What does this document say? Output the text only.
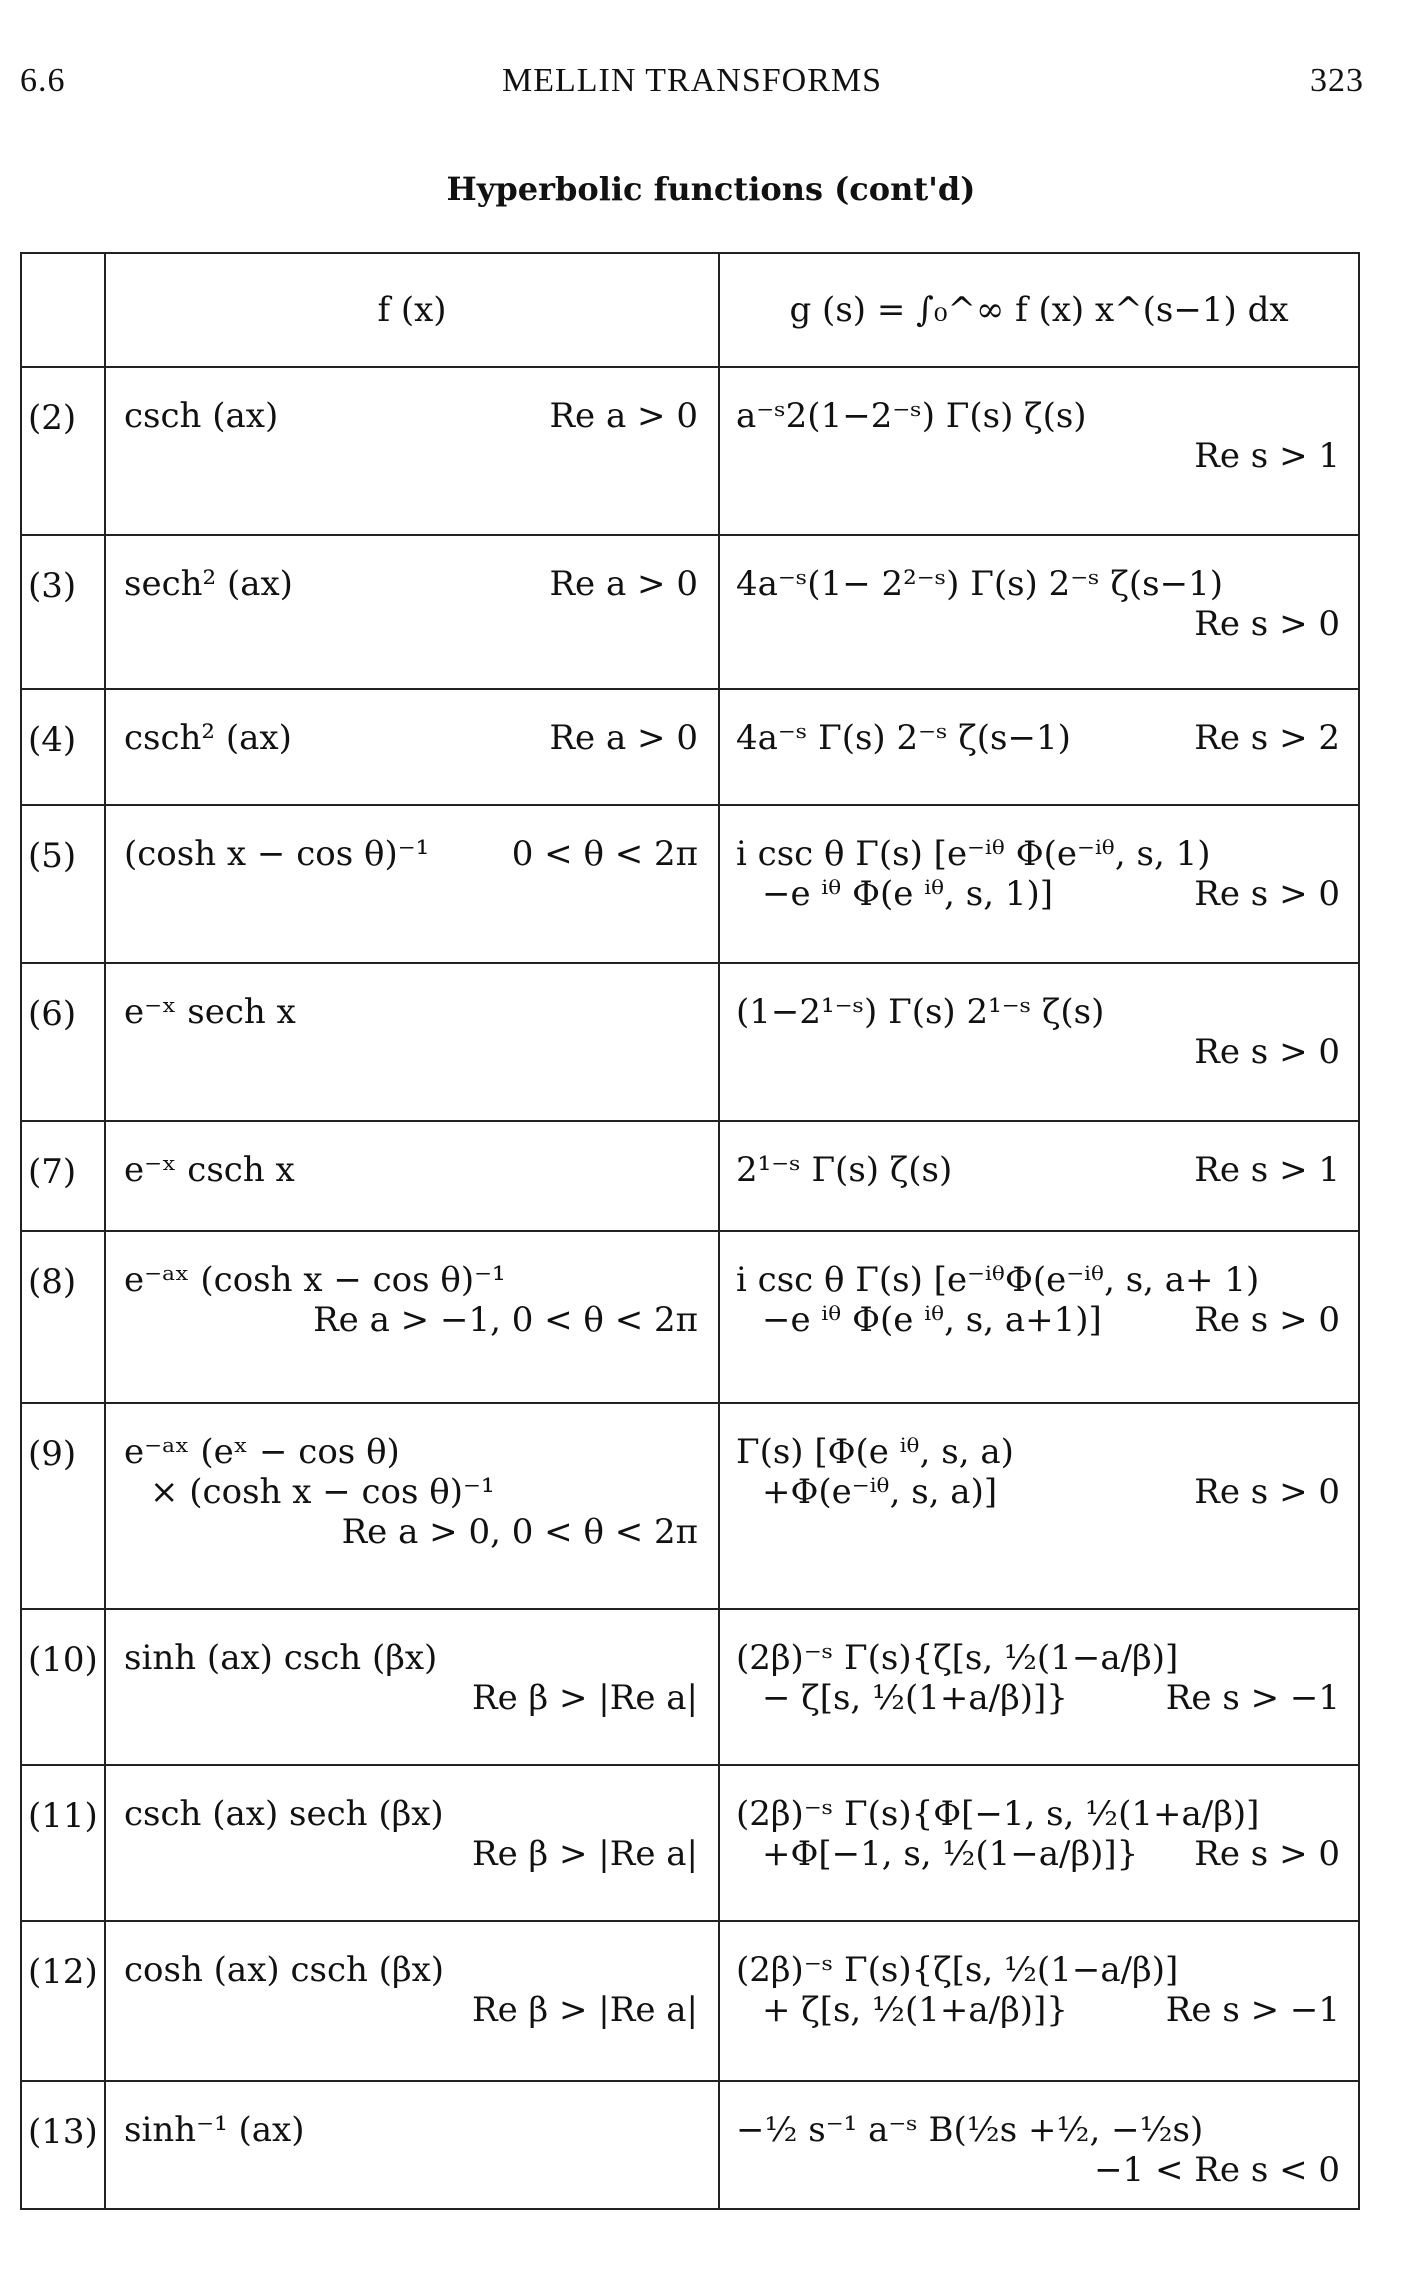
6.6	MELLIN TRANSFORMS	323
Hyperbolic functions (cont'd)
	f (x)	g (s) = ∫₀^∞ f (x) x^(s−1) dx
(2)	csch (ax) Re a > 0	a⁻ˢ2(1−2⁻ˢ) Γ(s) ζ(s)
Re s > 1

(3)	sech² (ax) Re a > 0	4a⁻ˢ(1− 2²⁻ˢ) Γ(s) 2⁻ˢ ζ(s−1)
Re s > 0

(4)	csch² (ax) Re a > 0	4a⁻ˢ Γ(s) 2⁻ˢ ζ(s−1) Re s > 2

(5)	(cosh x − cos θ)⁻¹ 0 < θ < 2π	i csc θ Γ(s) [e⁻ⁱᶿ Φ(e⁻ⁱᶿ, s, 1)
−e ⁱᶿ Φ(e ⁱᶿ, s, 1)] Re s > 0

(6)	e⁻ˣ sech x	(1−2¹⁻ˢ) Γ(s) 2¹⁻ˢ ζ(s)
Re s > 0

(7)	e⁻ˣ csch x	2¹⁻ˢ Γ(s) ζ(s) Re s > 1

(8)	e⁻ᵃˣ (cosh x − cos θ)⁻¹
Re a > −1, 0 < θ < 2π	i csc θ Γ(s) [e⁻ⁱᶿΦ(e⁻ⁱᶿ, s, a+ 1)
−e ⁱᶿ Φ(e ⁱᶿ, s, a+1)] Re s > 0

(9)	e⁻ᵃˣ (eˣ − cos θ)
× (cosh x − cos θ)⁻¹
Re a > 0, 0 < θ < 2π	Γ(s) [Φ(e ⁱᶿ, s, a)
+Φ(e⁻ⁱᶿ, s, a)] Re s > 0

(10)	sinh (ax) csch (βx)
Re β > |Re a|	(2β)⁻ˢ Γ(s){ζ[s, ½(1−a/β)]
− ζ[s, ½(1+a/β)]} Re s > −1

(11)	csch (ax) sech (βx)
Re β > |Re a|	(2β)⁻ˢ Γ(s){Φ[−1, s, ½(1+a/β)]
+Φ[−1, s, ½(1−a/β)]} Re s > 0

(12)	cosh (ax) csch (βx)
Re β > |Re a|	(2β)⁻ˢ Γ(s){ζ[s, ½(1−a/β)]
+ ζ[s, ½(1+a/β)]} Re s > −1

(13)	sinh⁻¹ (ax)	−½ s⁻¹ a⁻ˢ B(½s +½, −½s)
−1 < Re s < 0
